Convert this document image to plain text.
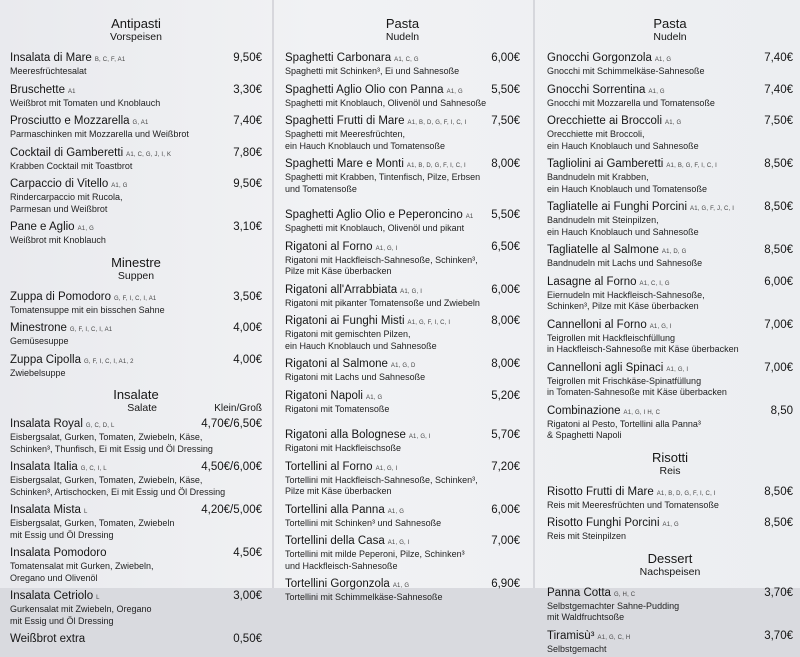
Antipasti
Vorspeisen
Insalata di Mare B, C, F, A1	9,50€
Meeresfrüchtesalat
Bruschette A1	3,30€
Weißbrot mit Tomaten und Knoblauch
Prosciutto e Mozzarella G, A1	7,40€
Parmaschinken mit Mozzarella und Weißbrot
Cocktail di Gamberetti A1, C, G, J, I, K	7,80€
Krabben Cocktail mit Toastbrot
Carpaccio di Vitello A1, G	9,50€
Rindercarpaccio mit Rucola,
Parmesan und Weißbrot
Pane e Aglio A1, G	3,10€
Weißbrot mit Knoblauch
Minestre
Suppen
Zuppa di Pomodoro G, F, I, C, I, A1	3,50€
Tomatensuppe mit ein bisschen Sahne
Minestrone G, F, I, C, I, A1	4,00€
Gemüsesuppe
Zuppa Cipolla G, F, I, C, I, A1, 2	4,00€
Zwiebelsuppe
Insalate
Salate	Klein/Groß
Insalata Royal G, C, D, L	4,70€/6,50€
Eisbergsalat, Gurken, Tomaten, Zwiebeln, Käse,
Schinken³, Thunfisch, Ei mit Essig und Öl Dressing
Insalata Italia G, C, I, L	4,50€/6,00€
Eisbergsalat, Gurken, Tomaten, Zwiebeln, Käse,
Schinken³, Artischocken, Ei mit Essig und Öl Dressing
Insalata Mista L	4,20€/5,00€
Eisbergsalat, Gurken, Tomaten, Zwiebeln
mit Essig und Öl Dressing
Insalata Pomodoro	4,50€
Tomatensalat mit Gurken, Zwiebeln,
Oregano und Olivenöl
Insalata Cetriolo L	3,00€
Gurkensalat mit Zwiebeln, Oregano
mit Essig und Öl Dressing
Weißbrot extra	0,50€
Pasta
Nudeln
Spaghetti Carbonara A1, C, G	6,00€
Spaghetti mit Schinken³, Ei und Sahnesoße
Spaghetti Aglio Olio con Panna A1, G 5,50€
Spaghetti mit Knoblauch, Olivenöl und Sahnesoße
Spaghetti Frutti di Mare A1, B, D, G, F, I, C, I 7,50€
Spaghetti mit Meeresfrüchten,
ein Hauch Knoblauch und Tomatensoße
Spaghetti Mare e Monti A1, B, D, G, F, I, C, I 8,00€
Spaghetti mit Krabben, Tintenfisch, Pilze, Erbsen
und Tomatensoße
Spaghetti Aglio Olio e Peperoncino A1 5,50€
Spaghetti mit Knoblauch, Olivenöl und pikant
Rigatoni al Forno A1, G, I	6,50€
Rigatoni mit Hackfleisch-Sahnesoße, Schinken³,
Pilze mit Käse überbacken
Rigatoni all'Arrabbiata A1, G, I	6,00€
Rigatoni mit pikanter Tomatensoße und Zwiebeln
Rigatoni ai Funghi Misti A1, G, F, I, C, I	8,00€
Rigatoni mit gemischten Pilzen,
ein Hauch Knoblauch und Sahnesoße
Rigatoni al Salmone A1, G, D	8,00€
Rigatoni mit Lachs und Sahnesoße
Rigatoni Napoli A1, G	5,20€
Rigatoni mit Tomatensoße
Rigatoni alla Bolognese A1, G, I	5,70€
Rigatoni mit Hackfleischsoße
Tortellini al Forno A1, G, I	7,20€
Tortellini mit Hackfleisch-Sahnesoße, Schinken³,
Pilze mit Käse überbacken
Tortellini alla Panna A1, G	6,00€
Tortellini mit Schinken³ und Sahnesoße
Tortellini della Casa A1, G, I	7,00€
Tortellini mit milde Peperoni, Pilze, Schinken³
und Hackfleisch-Sahnesoße
Tortellini Gorgonzola A1, G	6,90€
Tortellini mit Schimmelkäse-Sahnesoße
Pasta
Nudeln
Gnocchi Gorgonzola A1, G	7,40€
Gnocchi mit Schimmelkäse-Sahnesoße
Gnocchi Sorrentina A1, G	7,40€
Gnocchi mit Mozzarella und Tomatensoße
Orecchiette ai Broccoli A1, G	7,50€
Orecchiette mit Broccoli,
ein Hauch Knoblauch und Sahnesoße
Tagliolini ai Gamberetti A1, B, G, F, I, C, I	8,50€
Bandnudeln mit Krabben,
ein Hauch Knoblauch und Tomatensoße
Tagliatelle ai Funghi Porcini A1, G, F, J, C, I	8,50€
Bandnudeln mit Steinpilzen,
ein Hauch Knoblauch und Sahnesoße
Tagliatelle al Salmone A1, D, G	8,50€
Bandnudeln mit Lachs und Sahnesoße
Lasagne al Forno A1, C, I, G	6,00€
Eiernudeln mit Hackfleisch-Sahnesoße,
Schinken³, Pilze mit Käse überbacken
Cannelloni al Forno A1, G, I	7,00€
Teigrollen mit Hackfleischfüllung
in Hackfleisch-Sahnesoße mit Käse überbacken
Cannelloni agli Spinaci A1, G, I	7,00€
Teigrollen mit Frischkäse-Spinatfüllung
in Tomaten-Sahnesoße mit Käse überbacken
Combinazione A1, G, I H, C	8,50
Rigatoni al Pesto, Tortellini alla Panna³
& Spaghetti Napoli
Risotti
Reis
Risotto Frutti di Mare A1, B, D, G, F, I, C, I	8,50€
Reis mit Meeresfrüchten und Tomatensoße
Risotto Funghi Porcini A1, G	8,50€
Reis mit Steinpilzen
Dessert
Nachspeisen
Panna Cotta G, H, C	3,70€
Selbstgemachter Sahne-Pudding
mit Waldfruchtsoße
Tiramisù³ A1, G, C, H	3,70€
Selbstgemacht
